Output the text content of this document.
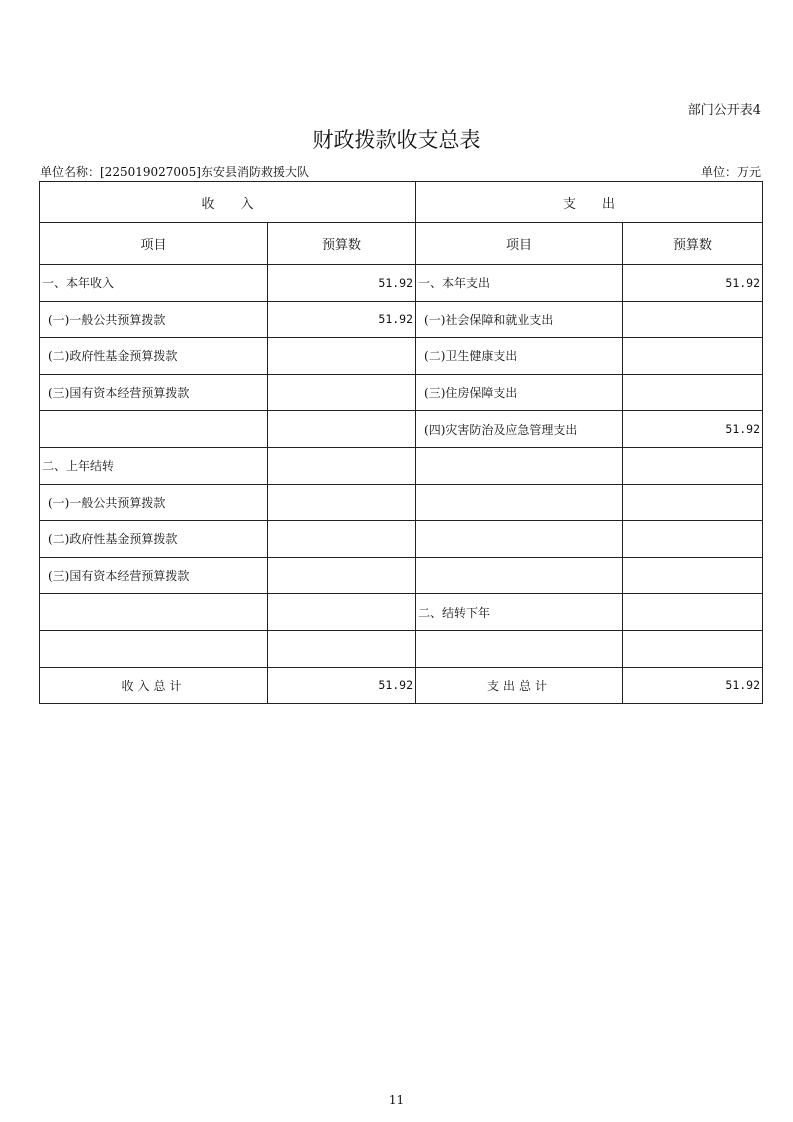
部门公开表4
财政拨款收支总表
单位名称：[225019027005]东安县消防救援大队	单位：万元
收　　入		支　　出	
项目	预算数	项目	预算数
一、本年收入	51.92	一、本年支出	51.92
(一)一般公共预算拨款	51.92	(一)社会保障和就业支出	
(二)政府性基金预算拨款		(二)卫生健康支出	
(三)国有资本经营预算拨款		(三)住房保障支出	
		(四)灾害防治及应急管理支出	51.92
二、上年结转			
(一)一般公共预算拨款			
(二)政府性基金预算拨款			
(三)国有资本经营预算拨款			
		二、结转下年	

收入总计	51.92	支出总计	51.92
11
